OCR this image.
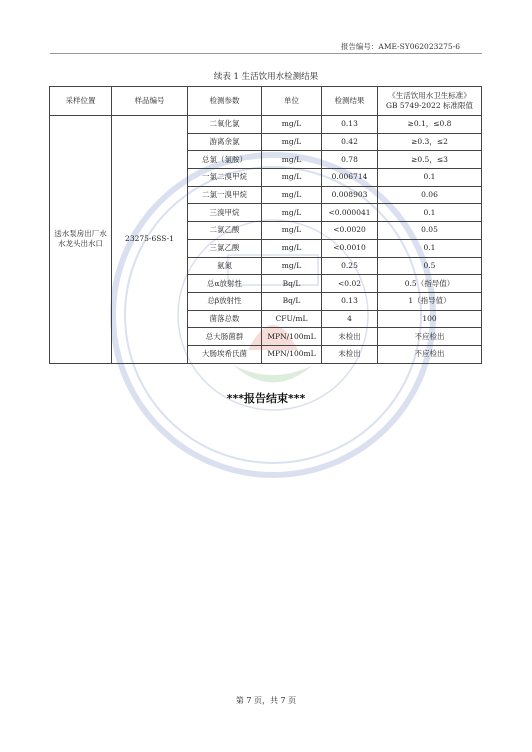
报告编号：AME-SY062023275-6
续表 1 生活饮用水检测结果
采样位置	样品编号	检测参数	单位	检测结果	《生活饮用水卫生标准》
GB 5749-2022 标准限值

送水泵房出厂水水龙头出水口	23275-6SS-1	二氧化氯	mg/L	0.13	≥0.1，≤0.8
		游离余氯	mg/L	0.42	≥0.3，≤2
		总氯（氯胺）	mg/L	0.78	≥0.5，≤3
		一氯二溴甲烷	mg/L	0.006714	0.1
		二氯一溴甲烷	mg/L	0.008903	0.06
		三溴甲烷	mg/L	<0.000041	0.1
		二氯乙酸	mg/L	<0.0020	0.05
		三氯乙酸	mg/L	<0.0010	0.1
		氨氮	mg/L	0.25	0.5
		总α放射性	Bq/L	<0.02	0.5（指导值）
		总β放射性	Bq/L	0.13	1（指导值）
		菌落总数	CFU/mL	4	100
		总大肠菌群	MPN/100mL	未检出	不应检出
		大肠埃希氏菌	MPN/100mL	未检出	不应检出
***报告结束***
第 7 页，共 7 页
